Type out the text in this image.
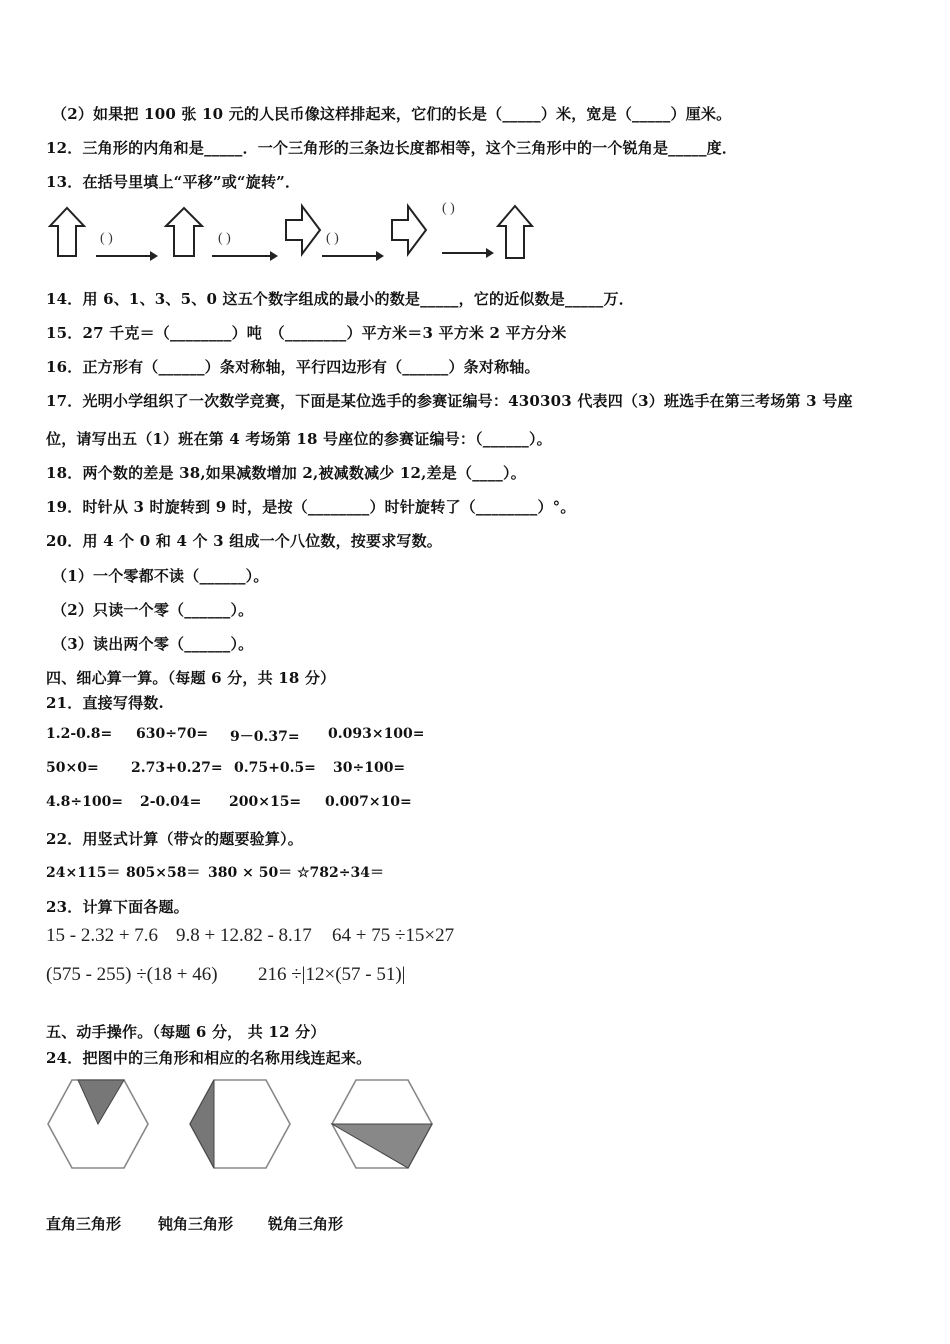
（2）如果把 100 张 10 元的人民币像这样排起来，它们的长是（_____）米，宽是（_____）厘米。
12．三角形的内角和是_____．一个三角形的三条边长度都相等，这个三角形中的一个锐角是_____度．
13．在括号里填上“平移”或“旋转”．
( )	( )	( )
( )
14．用 6、1、3、5、0 这五个数字组成的最小的数是_____，它的近似数是_____万．
15．27 千克＝（________）吨　（________）平方米＝3 平方米 2 平方分米
16．正方形有（______）条对称轴，平行四边形有（______）条对称轴。
17．光明小学组织了一次数学竞赛，下面是某位选手的参赛证编号：430303 代表四（3）班选手在第三考场第 3 号座
位，请写出五（1）班在第 4 考场第 18 号座位的参赛证编号：（______）。
18．两个数的差是 38,如果减数增加 2,被减数减少 12,差是（____）。
19．时针从 3 时旋转到 9 时，是按（________）时针旋转了（________）°。
20．用 4 个 0 和 4 个 3 组成一个八位数，按要求写数。
（1）一个零都不读（______）。
（2）只读一个零（______）。
（3）读出两个零（______）。
四、细心算一算。（每题 6 分，共 18 分）
21．直接写得数.
1.2-0.8= 630÷70= 9－0.37= 0.093×100=
50×0= 2.73+0.27= 0.75+0.5= 30÷100=
4.8÷100= 2-0.04= 200×15= 0.007×10=
22．用竖式计算（带☆的题要验算）。
24×115＝ 805×58＝ 380 × 50＝ ☆782÷34＝
23．计算下面各题。
15 - 2.32 + 7.6 9.8 + 12.82 - 8.17 64 + 75 ÷15×27
(575 - 255) ÷(18 + 46) 216 ÷|12×(57 - 51)|
五、动手操作。（每题 6 分， 共 12 分）
24．把图中的三角形和相应的名称用线连起来。
直角三角形 钝角三角形 锐角三角形
